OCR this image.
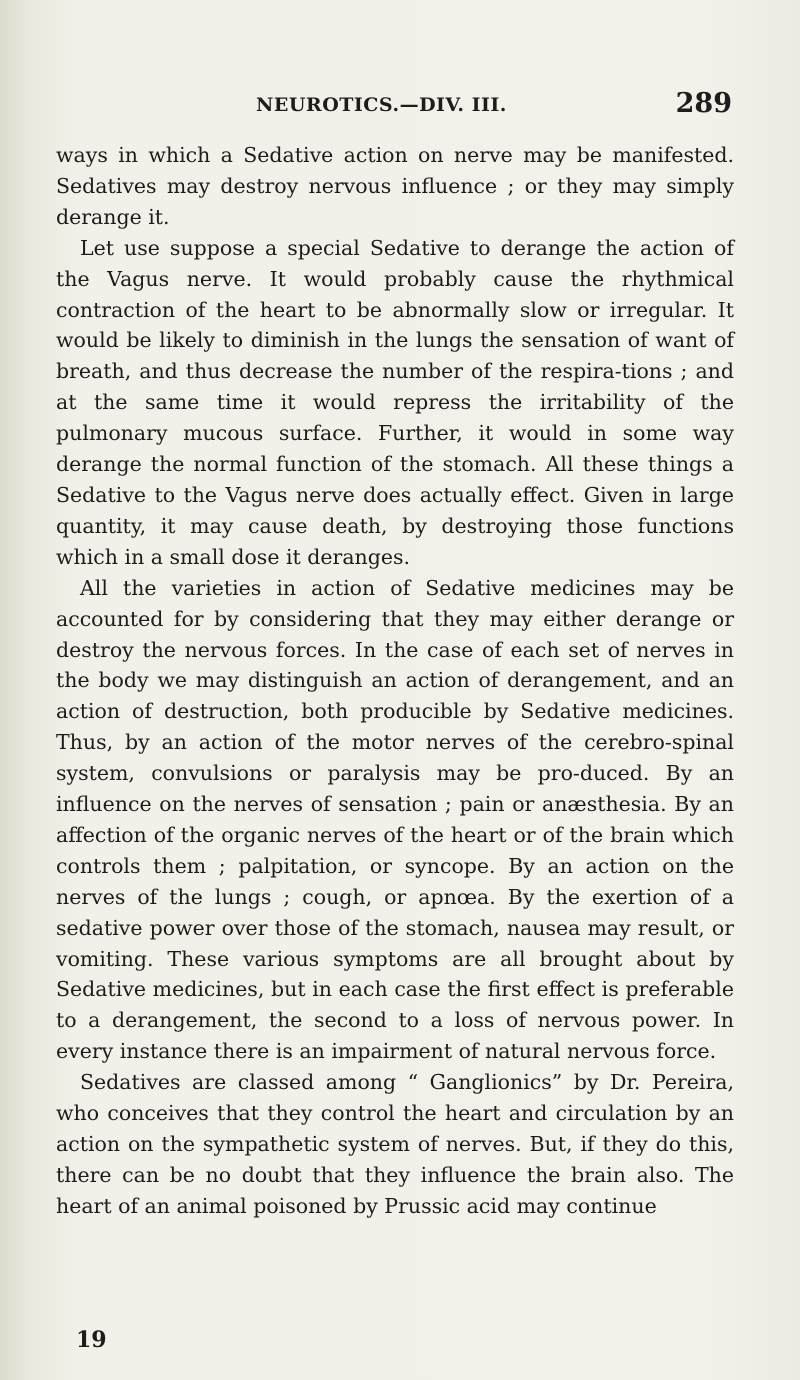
NEUROTICS.—DIV. III.	289

ways in which a Sedative action on nerve may be manifested. Sedatives may destroy nervous influence ; or they may simply derange it.

Let use suppose a special Sedative to derange the action of the Vagus nerve. It would probably cause the rhythmical contraction of the heart to be abnormally slow or irregular. It would be likely to diminish in the lungs the sensation of want of breath, and thus decrease the number of the respira-tions ; and at the same time it would repress the irritability of the pulmonary mucous surface. Further, it would in some way derange the normal function of the stomach. All these things a Sedative to the Vagus nerve does actually effect. Given in large quantity, it may cause death, by destroying those functions which in a small dose it deranges.

All the varieties in action of Sedative medicines may be accounted for by considering that they may either derange or destroy the nervous forces. In the case of each set of nerves in the body we may distinguish an action of derangement, and an action of destruction, both producible by Sedative medicines. Thus, by an action of the motor nerves of the cerebro-spinal system, convulsions or paralysis may be pro-duced. By an influence on the nerves of sensation ; pain or anæsthesia. By an affection of the organic nerves of the heart or of the brain which controls them ; palpitation, or syncope. By an action on the nerves of the lungs ; cough, or apnœa. By the exertion of a sedative power over those of the stomach, nausea may result, or vomiting. These various symptoms are all brought about by Sedative medicines, but in each case the first effect is preferable to a derangement, the second to a loss of nervous power. In every instance there is an impairment of natural nervous force.

Sedatives are classed among “ Ganglionics” by Dr. Pereira, who conceives that they control the heart and circulation by an action on the sympathetic system of nerves. But, if they do this, there can be no doubt that they influence the brain also. The heart of an animal poisoned by Prussic acid may continue

19
